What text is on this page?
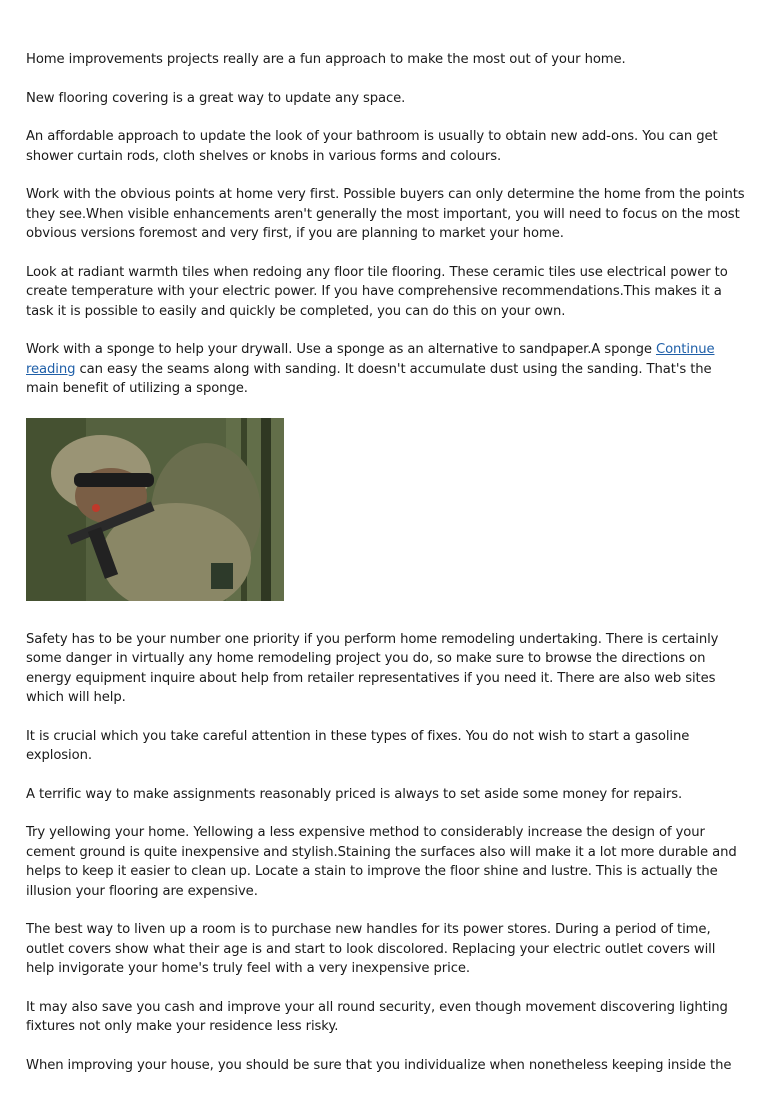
Home improvements projects really are a fun approach to make the most out of your home.

New flooring covering is a great way to update any space.

An affordable approach to update the look of your bathroom is usually to obtain new add-ons. You can get shower curtain rods, cloth shelves or knobs in various forms and colours.

Work with the obvious points at home very first. Possible buyers can only determine the home from the points they see.When visible enhancements aren't generally the most important, you will need to focus on the most obvious versions foremost and very first, if you are planning to market your home.

Look at radiant warmth tiles when redoing any floor tile flooring. These ceramic tiles use electrical power to create temperature with your electric power. If you have comprehensive recommendations.This makes it a task it is possible to easily and quickly be completed, you can do this on your own.

Work with a sponge to help your drywall. Use a sponge as an alternative to sandpaper.A sponge Continue reading can easy the seams along with sanding. It doesn't accumulate dust using the sanding. That's the main benefit of utilizing a sponge.

Safety has to be your number one priority if you perform home remodeling undertaking. There is certainly some danger in virtually any home remodeling project you do, so make sure to browse the directions on energy equipment inquire about help from retailer representatives if you need it. There are also web sites which will help.

It is crucial which you take careful attention in these types of fixes. You do not wish to start a gasoline explosion.

A terrific way to make assignments reasonably priced is always to set aside some money for repairs.

Try yellowing your home. Yellowing a less expensive method to considerably increase the design of your cement ground is quite inexpensive and stylish.Staining the surfaces also will make it a lot more durable and helps to keep it easier to clean up. Locate a stain to improve the floor shine and lustre. This is actually the illusion your flooring are expensive.

The best way to liven up a room is to purchase new handles for its power stores. During a period of time, outlet covers show what their age is and start to look discolored. Replacing your electric outlet covers will help invigorate your home's truly feel with a very inexpensive price.

It may also save you cash and improve your all round security, even though movement discovering lighting fixtures not only make your residence less risky.

When improving your house, you should be sure that you individualize when nonetheless keeping inside the
